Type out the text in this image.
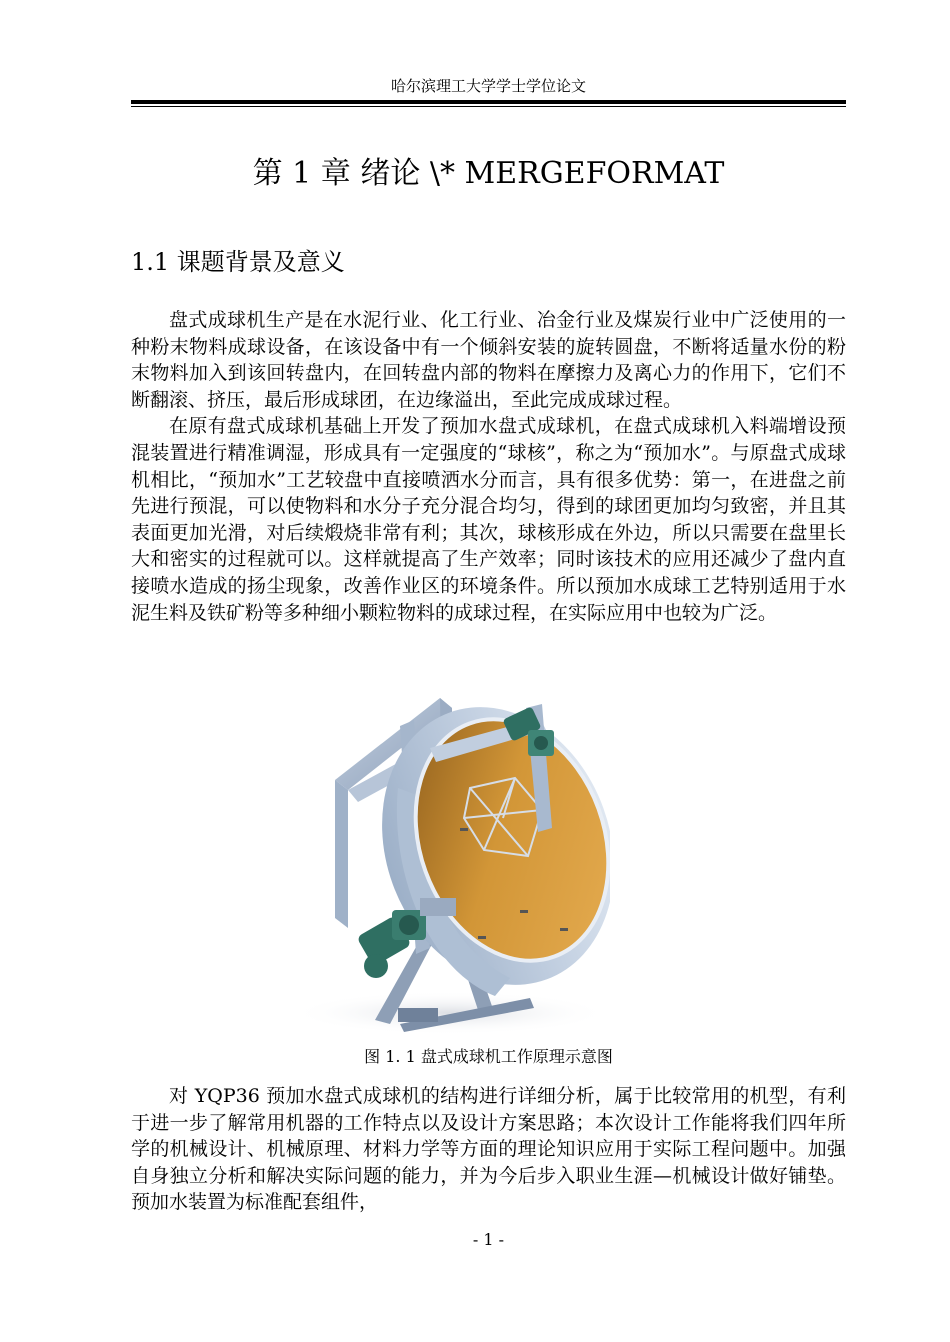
哈尔滨理工大学学士学位论文
第 1 章 绪论 \* MERGEFORMAT
1.1 课题背景及意义

盘式成球机生产是在水泥行业、化工行业、冶金行业及煤炭行业中广泛使用的一种粉末物料成球设备，在该设备中有一个倾斜安装的旋转圆盘，不断将适量水份的粉末物料加入到该回转盘内，在回转盘内部的物料在摩擦力及离心力的作用下，它们不断翻滚、挤压，最后形成球团，在边缘溢出，至此完成成球过程。

在原有盘式成球机基础上开发了预加水盘式成球机，在盘式成球机入料端增设预混装置进行精准调湿，形成具有一定强度的“球核”，称之为“预加水”。与原盘式成球机相比，“预加水”工艺较盘中直接喷洒水分而言，具有很多优势：第一，在进盘之前先进行预混，可以使物料和水分子充分混合均匀，得到的球团更加均匀致密，并且其表面更加光滑，对后续煅烧非常有利；其次，球核形成在外边，所以只需要在盘里长大和密实的过程就可以。这样就提高了生产效率；同时该技术的应用还减少了盘内直接喷水造成的扬尘现象，改善作业区的环境条件。所以预加水成球工艺特别适用于水泥生料及铁矿粉等多种细小颗粒物料的成球过程，在实际应用中也较为广泛。

图 1. 1 盘式成球机工作原理示意图

对 YQP36 预加水盘式成球机的结构进行详细分析，属于比较常用的机型，有利于进一步了解常用机器的工作特点以及设计方案思路；本次设计工作能将我们四年所学的机械设计、机械原理、材料力学等方面的理论知识应用于实际工程问题中。加强自身独立分析和解决实际问题的能力，并为今后步入职业生涯—机械设计做好铺垫。预加水装置为标准配套组件，

- 1 -
